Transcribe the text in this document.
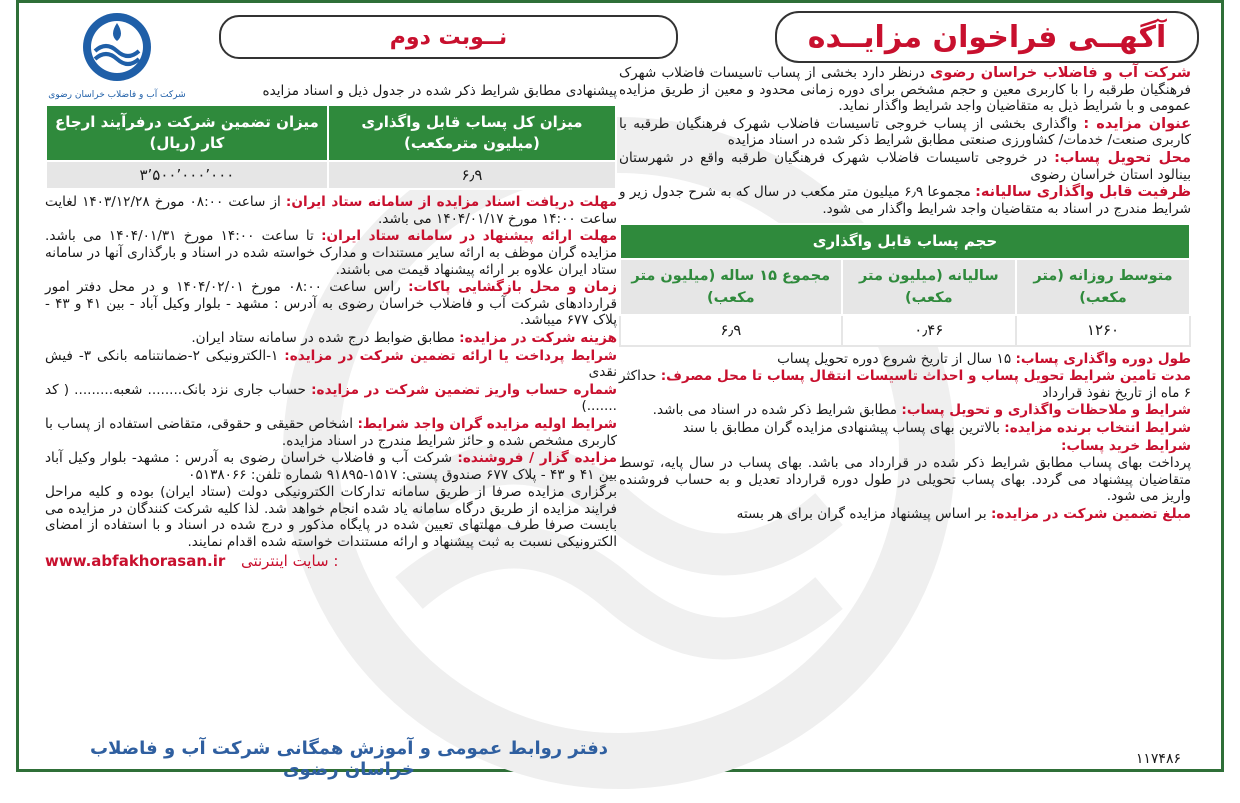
شرکت آب و فاضلاب خراسان رضوی
نــوبت دوم	آگهــی فراخوان مزایــده

شرکت آب و فاضلاب خراسان رضوی درنظر دارد بخشی از پساب تاسیسات فاضلاب شهرک فرهنگیان طرقبه را با کاربری معین و حجم مشخص برای دوره زمانی محدود و معین از طریق مزایده عمومی و با شرایط ذیل به متقاضیان واجد شرایط واگذار نماید.

عنوان مزایده : واگذاری بخشی از پساب خروجی تاسیسات فاضلاب شهرک فرهنگیان طرقبه با کاربری صنعت/ خدمات/ کشاورزی صنعتی مطابق شرایط ذکر شده در اسناد مزایده

محل تحویل پساب: در خروجی تاسیسات فاضلاب شهرک فرهنگیان طرقبه واقع در شهرستان بینالود استان خراسان رضوی

ظرفیت قابل واگذاری سالیانه: مجموعا ۶٫۹ میلیون متر مکعب در سال که به شرح جدول زیر و شرایط مندرج در اسناد به متقاضیان واجد شرایط واگذار می شود.

حجم پساب قابل واگذاری		
متوسط روزانه (متر مکعب)	سالیانه (میلیون متر مکعب)	مجموع ۱۵ ساله (میلیون متر مکعب)
۱۲۶۰	۰٫۴۶	۶٫۹

طول دوره واگذاری پساب: ۱۵ سال از تاریخ شروع دوره تحویل پساب

مدت تامین شرایط تحویل پساب و احداث تاسیسات انتقال پساب تا محل مصرف: حداکثر ۶ ماه از تاریخ نفوذ قرارداد

شرایط و ملاحظات واگذاری و تحویل پساب: مطابق شرایط ذکر شده در اسناد می باشد.

شرایط انتخاب برنده مزایده: بالاترین بهای پساب پیشنهادی مزایده گران مطابق با سند

شرایط خرید پساب:

پرداخت بهای پساب مطابق شرایط ذکر شده در قرارداد می باشد. بهای پساب در سال پایه، توسط متقاضیان پیشنهاد می گردد. بهای پساب تحویلی در طول دوره قرارداد تعدیل و به حساب فروشنده واریز می شود.

مبلغ تضمین شرکت در مزایده: بر اساس پیشنهاد مزایده گران برای هر بسته

پیشنهادی مطابق شرایط ذکر شده در جدول ذیل و اسناد مزایده

میزان کل پساب قابل واگذاری (میلیون مترمکعب)	میزان تضمین شرکت درفرآیند ارجاع کار (ریال)
۶٫۹	۳٬۵۰۰٬۰۰۰٬۰۰۰

مهلت دریافت اسناد مزایده از سامانه ستاد ایران: از ساعت ۰۸:۰۰ مورخ ۱۴۰۳/۱۲/۲۸ لغایت ساعت ۱۴:۰۰ مورخ ۱۴۰۴/۰۱/۱۷ می باشد.

مهلت ارائه پیشنهاد در سامانه ستاد ایران: تا ساعت ۱۴:۰۰ مورخ ۱۴۰۴/۰۱/۳۱ می باشد. مزایده گران موظف به ارائه سایر مستندات و مدارک خواسته شده در اسناد و بارگذاری آنها در سامانه ستاد ایران علاوه بر ارائه پیشنهاد قیمت می باشند.

زمان و محل بازگشایی پاکات: راس ساعت ۰۸:۰۰ مورخ ۱۴۰۴/۰۲/۰۱ و در محل دفتر امور قراردادهای شرکت آب و فاضلاب خراسان رضوی به آدرس : مشهد - بلوار وکیل آباد - بین ۴۱ و ۴۳ - پلاک ۶۷۷ میباشد.

هزینه شرکت در مزایده: مطابق ضوابط درج شده در سامانه ستاد ایران.

شرایط پرداخت یا ارائه تضمین شرکت در مزایده: ۱-الکترونیکی ۲-ضمانتنامه بانکی ۳- فیش نقدی

شماره حساب واریز تضمین شرکت در مزایده: حساب جاری نزد بانک........ شعبه......... ( کد .......)

شرایط اولیه مزایده گران واجد شرایط: اشخاص حقیقی و حقوقی، متقاضی استفاده از پساب با کاربری مشخص شده و حائز شرایط مندرج در اسناد مزایده.

مزایده گزار / فروشنده: شرکت آب و فاضلاب خراسان رضوی به آدرس : مشهد- بلوار وکیل آباد بین ۴۱ و ۴۳ - پلاک ۶۷۷ صندوق پستی: ۱۵۱۷-۹۱۸۹۵ شماره تلفن: ۰۵۱۳۸۰۶۶

برگزاری مزایده صرفا از طریق سامانه تدارکات الکترونیکی دولت (ستاد ایران) بوده و کلیه مراحل فرایند مزایده از طریق درگاه سامانه یاد شده انجام خواهد شد. لذا کلیه شرکت کنندگان در مزایده می بایست صرفا طرف مهلتهای تعیین شده در پایگاه مذکور و درج شده در اسناد و با استفاده از امضای الکترونیکی نسبت به ثبت پیشنهاد و ارائه مستندات خواسته شده اقدام نمایند.

www.abfakhorasan.ir سایت اینترنتی :
دفتر روابط عمومی و آموزش همگانی شرکت آب و فاضلاب خراسان رضوی	۱۱۷۴۸۶
